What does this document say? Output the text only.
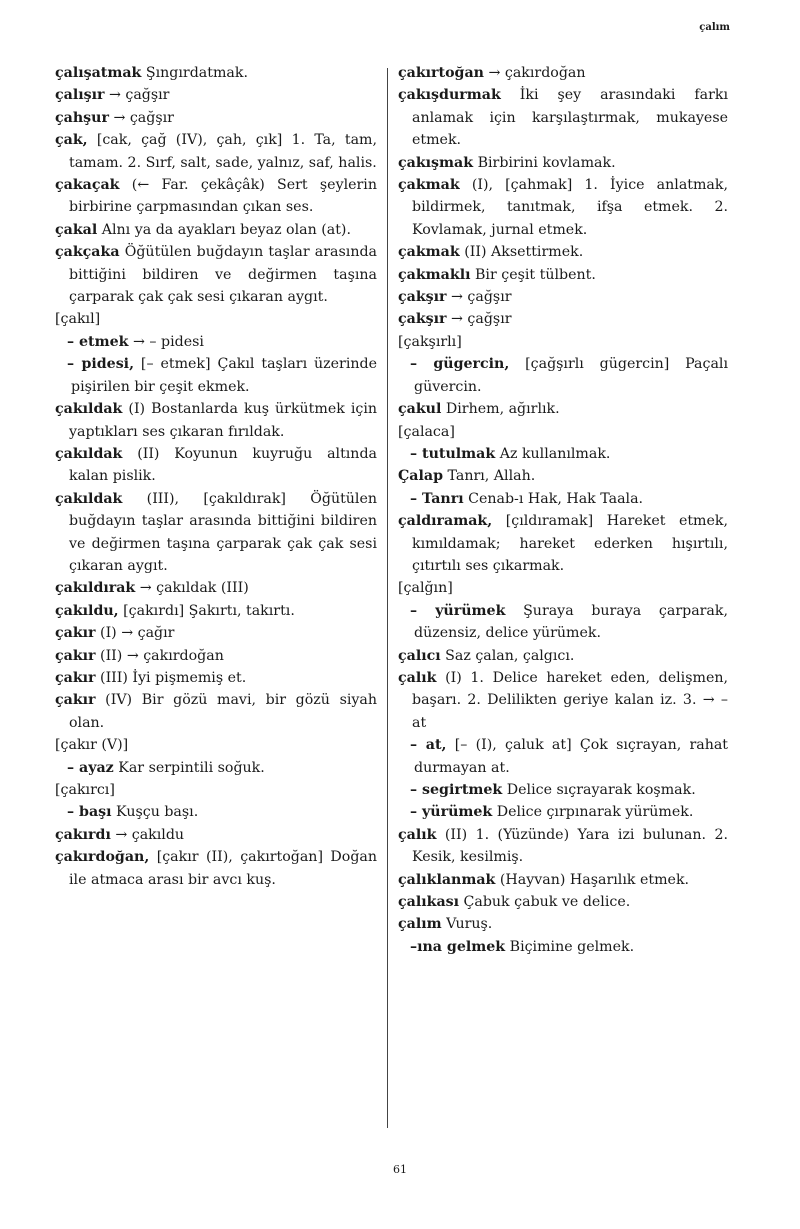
çalım

çalışatmak Şıngırdatmak.

çalışır → çağşır

çahşur → çağşır

çak, [cak, çağ (IV), çah, çık] 1. Ta, tam, tamam. 2. Sırf, salt, sade, yalnız, saf, halis.

çakaçak (← Far. çekâçâk) Sert şeylerin birbirine çarpmasından çıkan ses.

çakal Alnı ya da ayakları beyaz olan (at).

çakçaka Öğütülen buğdayın taşlar arasında bittiğini bildiren ve değirmen taşına çarparak çak çak sesi çıkaran aygıt.

[çakıl]

– etmek → – pidesi

– pidesi, [– etmek] Çakıl taşları üzerinde pişirilen bir çeşit ekmek.

çakıldak (I) Bostanlarda kuş ürkütmek için yaptıkları ses çıkaran fırıldak.

çakıldak (II) Koyunun kuyruğu altında kalan pislik.

çakıldak (III), [çakıldırak] Öğütülen buğdayın taşlar arasında bittiğini bildiren ve değirmen taşına çarparak çak çak sesi çıkaran aygıt.

çakıldırak → çakıldak (III)

çakıldu, [çakırdı] Şakırtı, takırtı.

çakır (I) → çağır

çakır (II) → çakırdoğan

çakır (III) İyi pişmemiş et.

çakır (IV) Bir gözü mavi, bir gözü siyah olan.

[çakır (V)]

– ayaz Kar serpintili soğuk.

[çakırcı]

– başı Kuşçu başı.

çakırdı → çakıldu

çakırdoğan, [çakır (II), çakırtoğan] Doğan ile atmaca arası bir avcı kuş.

çakırtoğan → çakırdoğan

çakışdurmak İki şey arasındaki farkı anlamak için karşılaştırmak, mukayese etmek.

çakışmak Birbirini kovlamak.

çakmak (I), [çahmak] 1. İyice anlatmak, bildirmek, tanıtmak, ifşa etmek. 2. Kovlamak, jurnal etmek.

çakmak (II) Aksettirmek.

çakmaklı Bir çeşit tülbent.

çakşır → çağşır

çakşır → çağşır

[çakşırlı]

– gügercin, [çağşırlı gügercin] Paçalı güvercin.

çakul Dirhem, ağırlık.

[çalaca]

– tutulmak Az kullanılmak.

Çalap Tanrı, Allah.

– Tanrı Cenab-ı Hak, Hak Taala.

çaldıramak, [çıldıramak] Hareket etmek, kımıldamak; hareket ederken hışırtılı, çıtırtılı ses çıkarmak.

[çalğın]

– yürümek Şuraya buraya çarparak, düzensiz, delice yürümek.

çalıcı Saz çalan, çalgıcı.

çalık (I) 1. Delice hareket eden, delişmen, başarı. 2. Delilikten geriye kalan iz. 3. → – at

– at, [– (I), çaluk at] Çok sıçrayan, rahat durmayan at.

– segirtmek Delice sıçrayarak koşmak.

– yürümek Delice çırpınarak yürümek.

çalık (II) 1. (Yüzünde) Yara izi bulunan. 2. Kesik, kesilmiş.

çalıklanmak (Hayvan) Haşarılık etmek.

çalıkası Çabuk çabuk ve delice.

çalım Vuruş.

–ına gelmek Biçimine gelmek.

61
